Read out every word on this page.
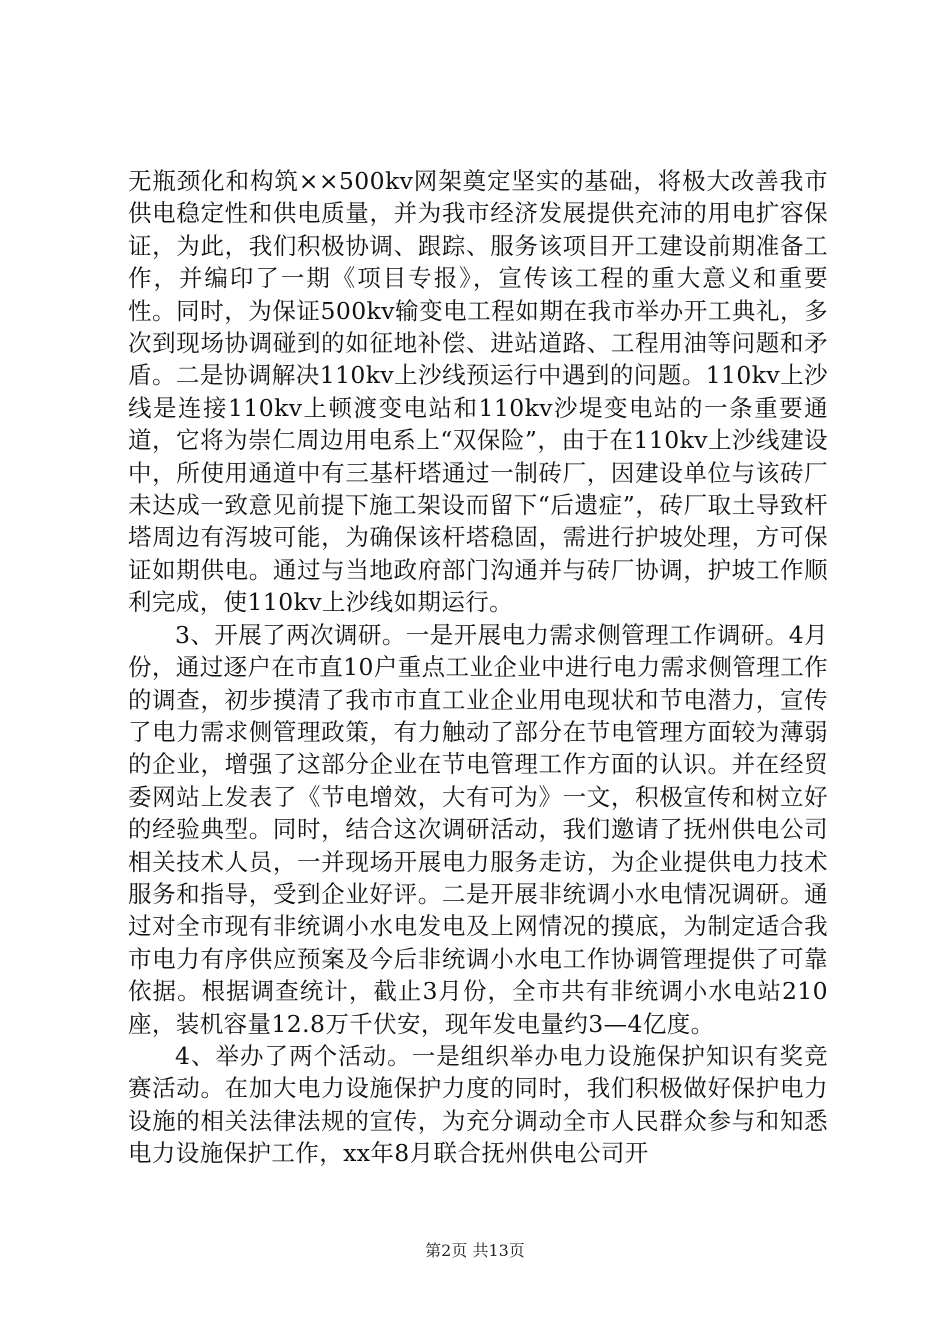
无瓶颈化和构筑××500kv网架奠定坚实的基础，将极大改善我市供电稳定性和供电质量，并为我市经济发展提供充沛的用电扩容保证，为此，我们积极协调、跟踪、服务该项目开工建设前期准备工作，并编印了一期《项目专报》，宣传该工程的重大意义和重要性。同时，为保证500kv输变电工程如期在我市举办开工典礼，多次到现场协调碰到的如征地补偿、进站道路、工程用油等问题和矛盾。二是协调解决110kv上沙线预运行中遇到的问题。110kv上沙线是连接110kv上顿渡变电站和110kv沙堤变电站的一条重要通道，它将为崇仁周边用电系上“双保险”，由于在110kv上沙线建设中，所使用通道中有三基杆塔通过一制砖厂，因建设单位与该砖厂未达成一致意见前提下施工架设而留下“后遗症”，砖厂取土导致杆塔周边有泻坡可能，为确保该杆塔稳固，需进行护坡处理，方可保证如期供电。通过与当地政府部门沟通并与砖厂协调，护坡工作顺利完成，使110kv上沙线如期运行。

3、开展了两次调研。一是开展电力需求侧管理工作调研。4月份，通过逐户在市直10户重点工业企业中进行电力需求侧管理工作的调查，初步摸清了我市市直工业企业用电现状和节电潜力，宣传了电力需求侧管理政策，有力触动了部分在节电管理方面较为薄弱的企业，增强了这部分企业在节电管理工作方面的认识。并在经贸委网站上发表了《节电增效，大有可为》一文，积极宣传和树立好的经验典型。同时，结合这次调研活动，我们邀请了抚州供电公司相关技术人员，一并现场开展电力服务走访，为企业提供电力技术服务和指导，受到企业好评。二是开展非统调小水电情况调研。通过对全市现有非统调小水电发电及上网情况的摸底，为制定适合我市电力有序供应预案及今后非统调小水电工作协调管理提供了可靠依据。根据调查统计，截止3月份，全市共有非统调小水电站210座，装机容量12.8万千伏安，现年发电量约3—4亿度。

4、举办了两个活动。一是组织举办电力设施保护知识有奖竞赛活动。在加大电力设施保护力度的同时，我们积极做好保护电力设施的相关法律法规的宣传，为充分调动全市人民群众参与和知悉电力设施保护工作，xx年8月联合抚州供电公司开

第2页 共13页
